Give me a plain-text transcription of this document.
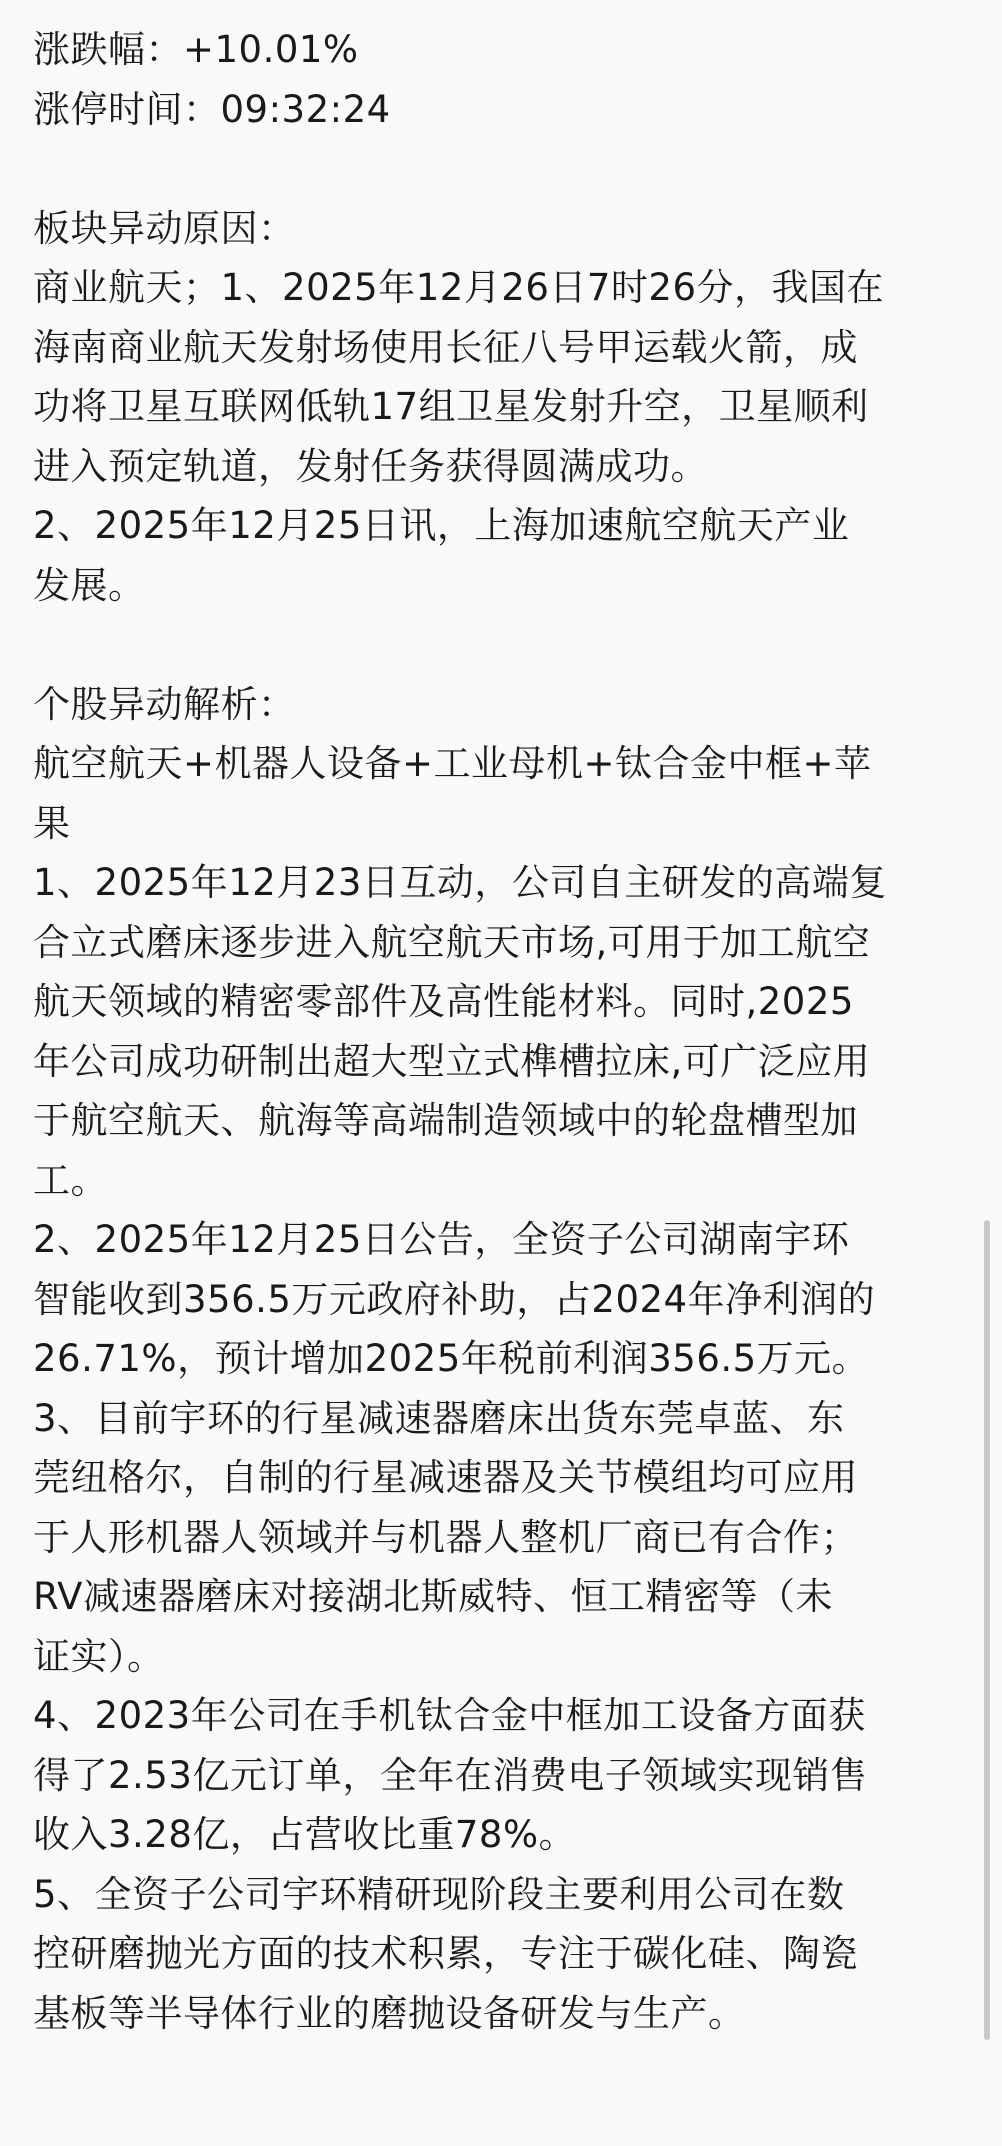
涨跌幅：+10.01%
涨停时间：09:32:24
板块异动原因：
商业航天；1、2025年12月26日7时26分，我国在
海南商业航天发射场使用长征八号甲运载火箭，成
功将卫星互联网低轨17组卫星发射升空，卫星顺利
进入预定轨道，发射任务获得圆满成功。
2、2025年12月25日讯，上海加速航空航天产业
发展。
个股异动解析：
航空航天+机器人设备+工业母机+钛合金中框+苹
果
1、2025年12月23日互动，公司自主研发的高端复
合立式磨床逐步进入航空航天市场,可用于加工航空
航天领域的精密零部件及高性能材料。同时,2025
年公司成功研制出超大型立式榫槽拉床,可广泛应用
于航空航天、航海等高端制造领域中的轮盘槽型加
工。
2、2025年12月25日公告，全资子公司湖南宇环
智能收到356.5万元政府补助，占2024年净利润的
26.71%，预计增加2025年税前利润356.5万元。
3、目前宇环的行星减速器磨床出货东莞卓蓝、东
莞纽格尔，自制的行星减速器及关节模组均可应用
于人形机器人领域并与机器人整机厂商已有合作；
RV减速器磨床对接湖北斯威特、恒工精密等（未
证实）。
4、2023年公司在手机钛合金中框加工设备方面获
得了2.53亿元订单，全年在消费电子领域实现销售
收入3.28亿，占营收比重78%。
5、全资子公司宇环精研现阶段主要利用公司在数
控研磨抛光方面的技术积累，专注于碳化硅、陶瓷
基板等半导体行业的磨抛设备研发与生产。
